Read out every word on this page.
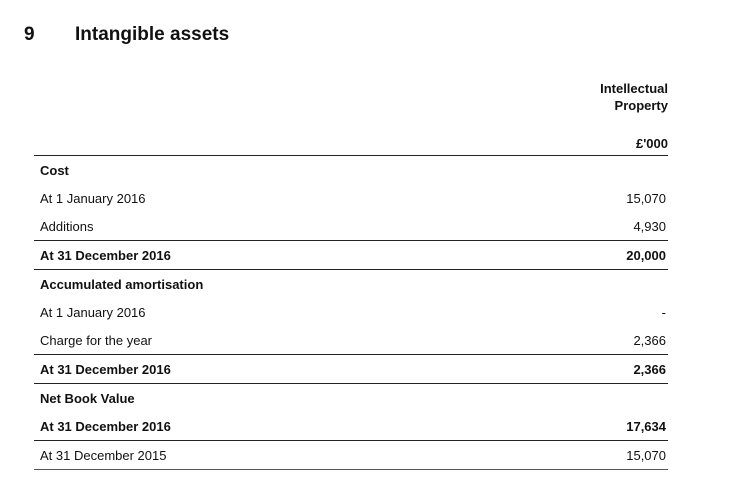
9 Intangible assets
Intellectual
Property
£'000
Cost
At 1 January 2016	15,070
Additions	4,930
At 31 December 2016	20,000
Accumulated amortisation
At 1 January 2016	-
Charge for the year	2,366
At 31 December 2016	2,366
Net Book Value
At 31 December 2016	17,634
At 31 December 2015	15,070
